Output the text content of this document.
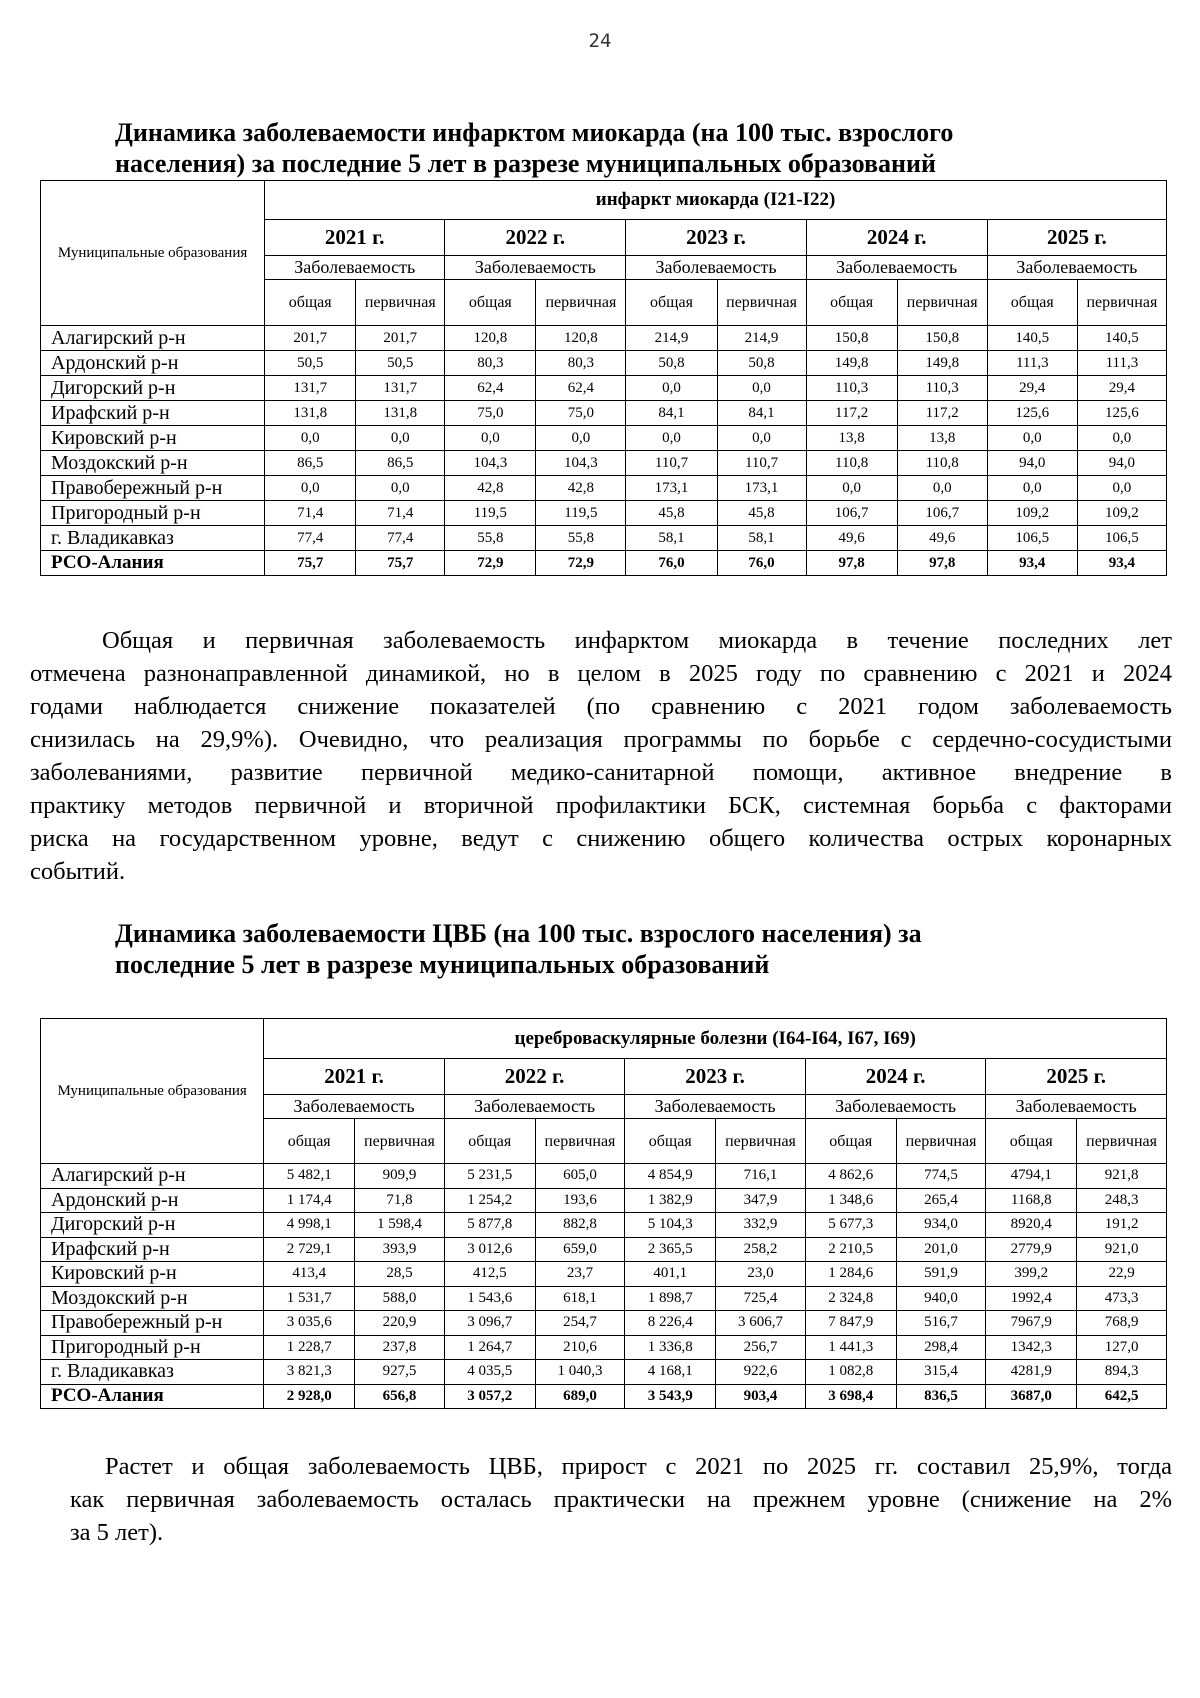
24
Динамика заболеваемости инфарктом миокарда (на 100 тыс. взрослого
населения) за последние 5 лет в разрезе муниципальных образований
Муниципальные образования	инфаркт миокарда (I21-I22)									
	2021 г.		2022 г.		2023 г.		2024 г.		2025 г.	
	Заболеваемость		Заболеваемость		Заболеваемость		Заболеваемость		Заболеваемость	
	общая	первичная	общая	первичная	общая	первичная	общая	первичная	общая	первичная
Алагирский р-н	201,7	201,7	120,8	120,8	214,9	214,9	150,8	150,8	140,5	140,5
Ардонский р-н	50,5	50,5	80,3	80,3	50,8	50,8	149,8	149,8	111,3	111,3
Дигорский р-н	131,7	131,7	62,4	62,4	0,0	0,0	110,3	110,3	29,4	29,4
Ирафский р-н	131,8	131,8	75,0	75,0	84,1	84,1	117,2	117,2	125,6	125,6
Кировский р-н	0,0	0,0	0,0	0,0	0,0	0,0	13,8	13,8	0,0	0,0
Моздокский р-н	86,5	86,5	104,3	104,3	110,7	110,7	110,8	110,8	94,0	94,0
Правобережный р-н	0,0	0,0	42,8	42,8	173,1	173,1	0,0	0,0	0,0	0,0
Пригородный р-н	71,4	71,4	119,5	119,5	45,8	45,8	106,7	106,7	109,2	109,2
г. Владикавказ	77,4	77,4	55,8	55,8	58,1	58,1	49,6	49,6	106,5	106,5
РСО-Алания	75,7	75,7	72,9	72,9	76,0	76,0	97,8	97,8	93,4	93,4
Общая и первичная заболеваемость инфарктом миокарда в течение последних лет
отмечена разнонаправленной динамикой, но в целом в 2025 году по сравнению с 2021 и 2024
годами наблюдается снижение показателей (по сравнению с 2021 годом заболеваемость
снизилась на 29,9%). Очевидно, что реализация программы по борьбе с сердечно-сосудистыми
заболеваниями, развитие первичной медико-санитарной помощи, активное внедрение в
практику методов первичной и вторичной профилактики БСК, системная борьба с факторами
риска на государственном уровне, ведут с снижению общего количества острых коронарных
событий.
Динамика заболеваемости ЦВБ (на 100 тыс. взрослого населения) за
последние 5 лет в разрезе муниципальных образований
Муниципальные образования	цереброваскулярные болезни (I64-I64, I67, I69)									
	2021 г.		2022 г.		2023 г.		2024 г.		2025 г.	
	Заболеваемость		Заболеваемость		Заболеваемость		Заболеваемость		Заболеваемость	
	общая	первичная	общая	первичная	общая	первичная	общая	первичная	общая	первичная
Алагирский р-н	5 482,1	909,9	5 231,5	605,0	4 854,9	716,1	4 862,6	774,5	4794,1	921,8
Ардонский р-н	1 174,4	71,8	1 254,2	193,6	1 382,9	347,9	1 348,6	265,4	1168,8	248,3
Дигорский р-н	4 998,1	1 598,4	5 877,8	882,8	5 104,3	332,9	5 677,3	934,0	8920,4	191,2
Ирафский р-н	2 729,1	393,9	3 012,6	659,0	2 365,5	258,2	2 210,5	201,0	2779,9	921,0
Кировский р-н	413,4	28,5	412,5	23,7	401,1	23,0	1 284,6	591,9	399,2	22,9
Моздокский р-н	1 531,7	588,0	1 543,6	618,1	1 898,7	725,4	2 324,8	940,0	1992,4	473,3
Правобережный р-н	3 035,6	220,9	3 096,7	254,7	8 226,4	3 606,7	7 847,9	516,7	7967,9	768,9
Пригородный р-н	1 228,7	237,8	1 264,7	210,6	1 336,8	256,7	1 441,3	298,4	1342,3	127,0
г. Владикавказ	3 821,3	927,5	4 035,5	1 040,3	4 168,1	922,6	1 082,8	315,4	4281,9	894,3
РСО-Алания	2 928,0	656,8	3 057,2	689,0	3 543,9	903,4	3 698,4	836,5	3687,0	642,5
Растет и общая заболеваемость ЦВБ, прирост с 2021 по 2025 гг. составил 25,9%, тогда
как первичная заболеваемость осталась практически на прежнем уровне (снижение на 2%
за 5 лет).
